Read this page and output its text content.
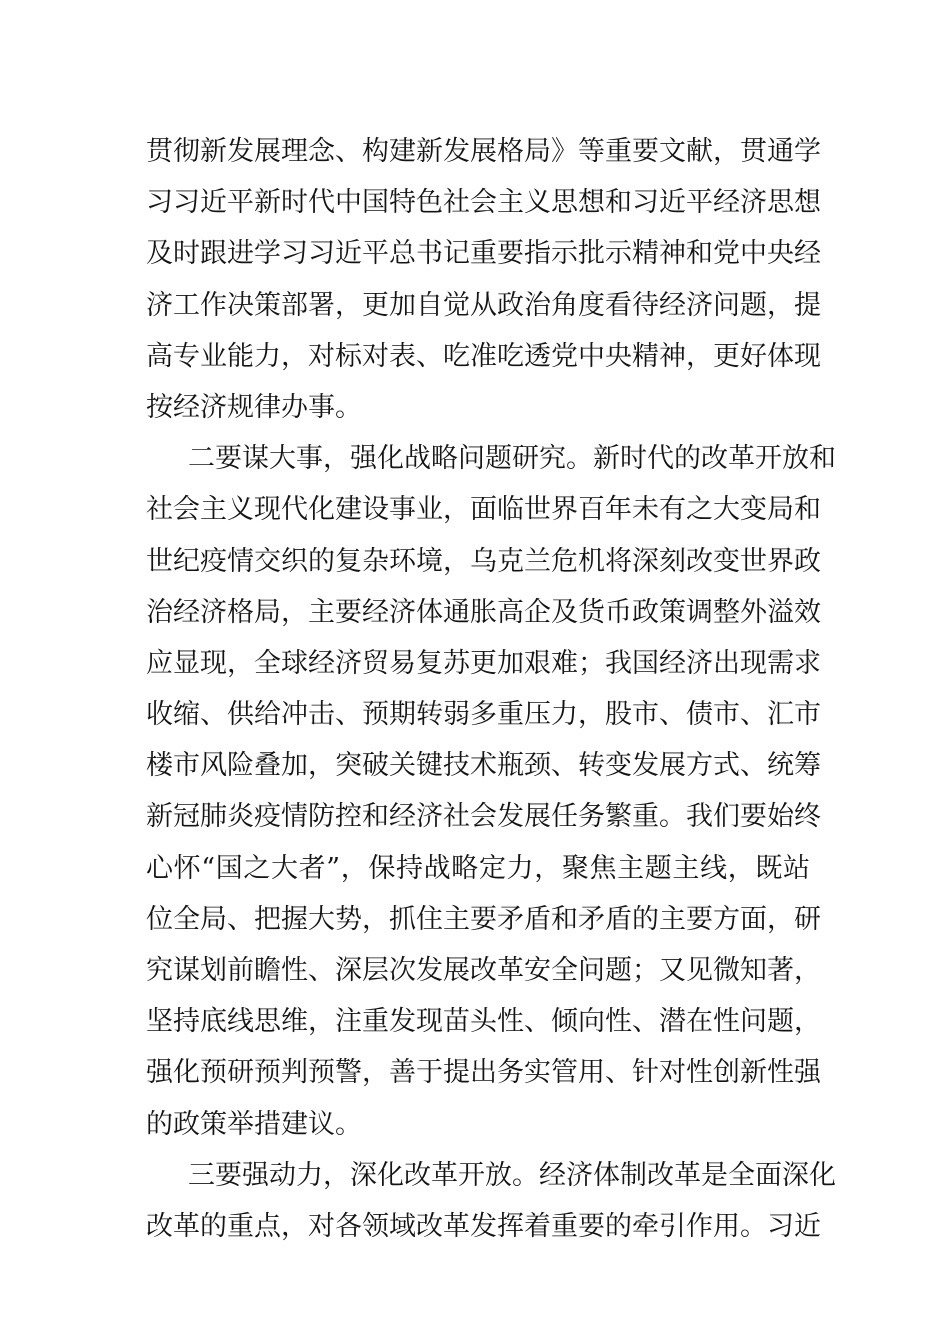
贯彻新发展理念、构建新发展格局》等重要文献，贯通学
习习近平新时代中国特色社会主义思想和习近平经济思想
及时跟进学习习近平总书记重要指示批示精神和党中央经
济工作决策部署，更加自觉从政治角度看待经济问题，提
高专业能力，对标对表、吃准吃透党中央精神，更好体现
按经济规律办事。
二要谋大事，强化战略问题研究。新时代的改革开放和
社会主义现代化建设事业，面临世界百年未有之大变局和
世纪疫情交织的复杂环境，乌克兰危机将深刻改变世界政
治经济格局，主要经济体通胀高企及货币政策调整外溢效
应显现，全球经济贸易复苏更加艰难；我国经济出现需求
收缩、供给冲击、预期转弱多重压力，股市、债市、汇市
楼市风险叠加，突破关键技术瓶颈、转变发展方式、统筹
新冠肺炎疫情防控和经济社会发展任务繁重。我们要始终
心怀“国之大者”，保持战略定力，聚焦主题主线，既站
位全局、把握大势，抓住主要矛盾和矛盾的主要方面，研
究谋划前瞻性、深层次发展改革安全问题；又见微知著，
坚持底线思维，注重发现苗头性、倾向性、潜在性问题，
强化预研预判预警，善于提出务实管用、针对性创新性强
的政策举措建议。
三要强动力，深化改革开放。经济体制改革是全面深化
改革的重点，对各领域改革发挥着重要的牵引作用。习近
